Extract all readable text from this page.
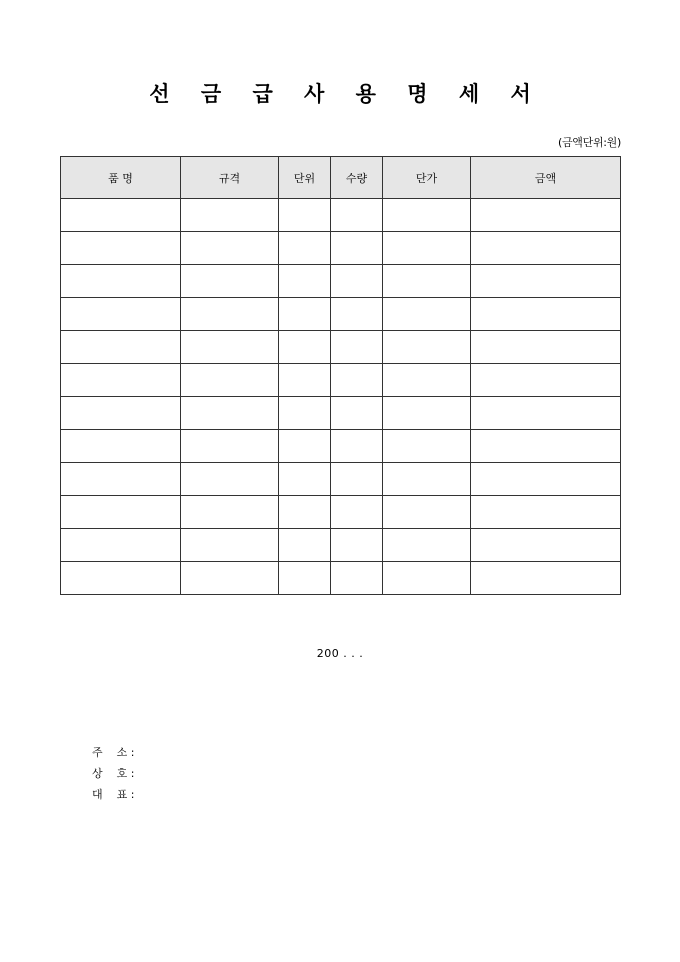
선 금 급 사 용 명 세 서
(금액단위:원)
품 명	규격	단위	수량	단가	금액

200 . . .
주    소 :
상    호 :
대    표 :
